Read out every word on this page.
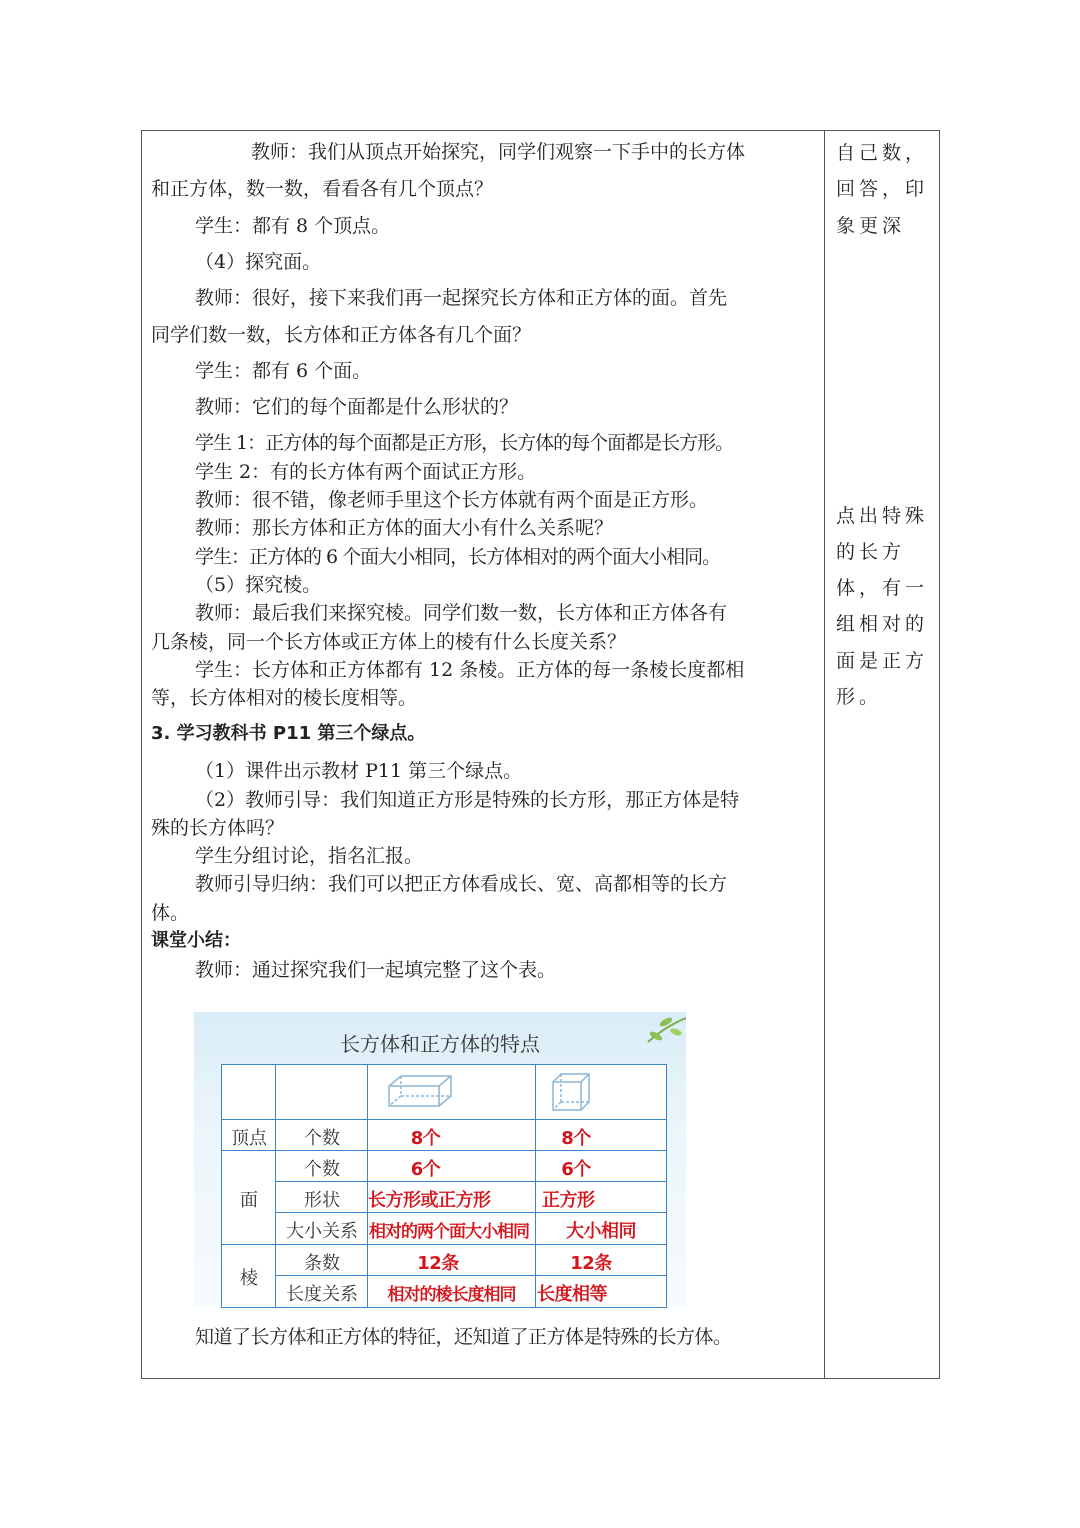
教师：我们从顶点开始探究，同学们观察一下手中的长方体
和正方体，数一数，看看各有几个顶点？
学生：都有 8 个顶点。
（4）探究面。
教师：很好，接下来我们再一起探究长方体和正方体的面。首先
同学们数一数，长方体和正方体各有几个面？
学生：都有 6 个面。
教师：它们的每个面都是什么形状的？
学生 1：正方体的每个面都是正方形，长方体的每个面都是长方形。
学生 2：有的长方体有两个面试正方形。
教师：很不错，像老师手里这个长方体就有两个面是正方形。
教师：那长方体和正方体的面大小有什么关系呢？
学生：正方体的 6 个面大小相同，长方体相对的两个面大小相同。
（5）探究棱。
教师：最后我们来探究棱。同学们数一数，长方体和正方体各有
几条棱，同一个长方体或正方体上的棱有什么长度关系？
学生：长方体和正方体都有 12 条棱。正方体的每一条棱长度都相
等，长方体相对的棱长度相等。
3. 学习教科书 P11 第三个绿点。
（1）课件出示教材 P11 第三个绿点。
（2）教师引导：我们知道正方形是特殊的长方形，那正方体是特
殊的长方体吗？
学生分组讨论，指名汇报。
教师引导归纳：我们可以把正方体看成长、宽、高都相等的长方
体。
课堂小结：
教师：通过探究我们一起填完整了这个表。
知道了长方体和正方体的特征，还知道了正方体是特殊的长方体。
自己数，
回答，印
象更深
点出特殊
的长方
体，有一
组相对的
面是正方
形。
长方体和正方体的特点
顶点	个数
面
个数
形状
大小关系
棱
条数
长度关系
8个
6个
长方形或正方形
相对的两个面大小相同
12条
相对的棱长度相同
8个
6个
正方形
大小相同
12条
长度相等
